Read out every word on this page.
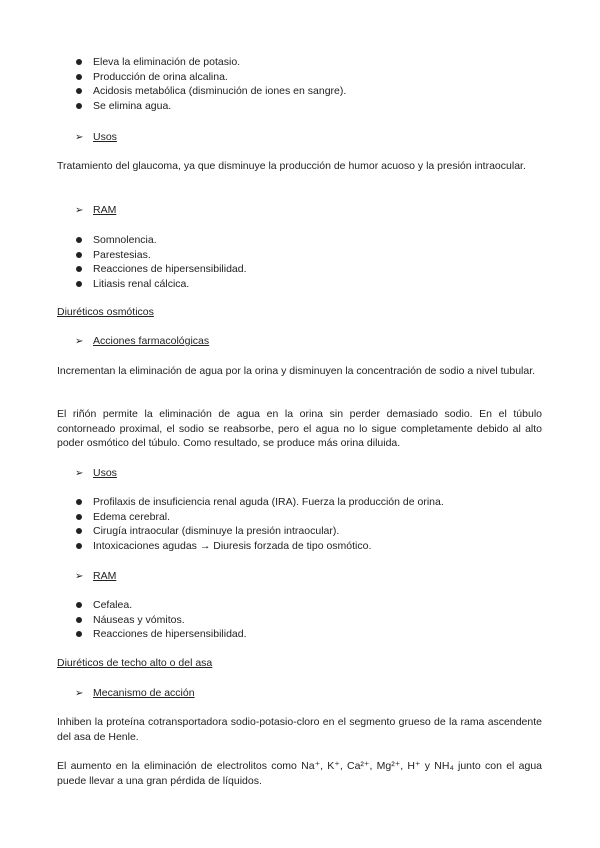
Eleva la eliminación de potasio.
Producción de orina alcalina.
Acidosis metabólica (disminución de iones en sangre).
Se elimina agua.
➢ Usos

Tratamiento del glaucoma, ya que disminuye la producción de humor acuoso y la presión intraocular.

➢ RAM
Somnolencia.
Parestesias.
Reacciones de hipersensibilidad.
Litiasis renal cálcica.
Diuréticos osmóticos
➢ Acciones farmacológicas

Incrementan la eliminación de agua por la orina y disminuyen la concentración de sodio a nivel tubular.

El riñón permite la eliminación de agua en la orina sin perder demasiado sodio. En el túbulo contorneado proximal, el sodio se reabsorbe, pero el agua no lo sigue completamente debido al alto poder osmótico del túbulo. Como resultado, se produce más orina diluida.

➢ Usos
Profilaxis de insuficiencia renal aguda (IRA). Fuerza la producción de orina.
Edema cerebral.
Cirugía intraocular (disminuye la presión intraocular).
Intoxicaciones agudas → Diuresis forzada de tipo osmótico.
➢ RAM
Cefalea.
Náuseas y vómitos.
Reacciones de hipersensibilidad.
Diuréticos de techo alto o del asa
➢ Mecanismo de acción

Inhiben la proteína cotransportadora sodio-potasio-cloro en el segmento grueso de la rama ascendente del asa de Henle.

El aumento en la eliminación de electrolitos como Na⁺, K⁺, Ca²⁺, Mg²⁺, H⁺ y NH₄ junto con el agua puede llevar a una gran pérdida de líquidos.
